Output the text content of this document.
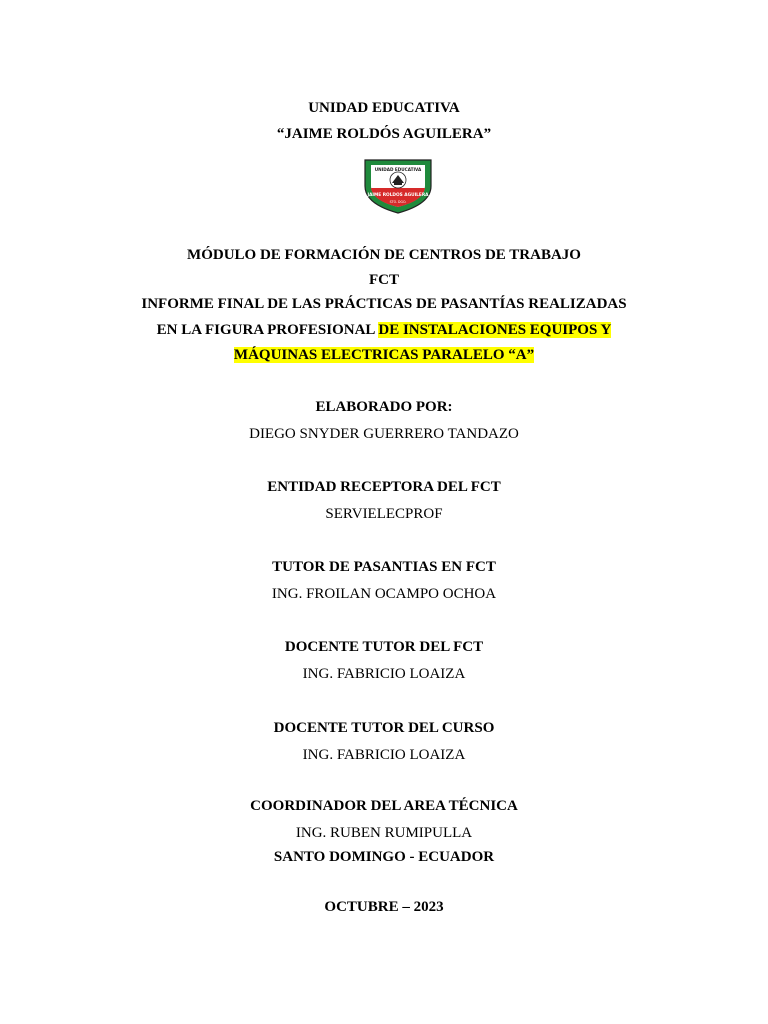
UNIDAD EDUCATIVA
“JAIME ROLDÓS AGUILERA”
UNIDAD EDUCATIVA
JAIME ROLDOS AGUILERA
STO. DGO.
MÓDULO DE FORMACIÓN DE CENTROS DE TRABAJO
FCT
INFORME FINAL DE LAS PRÁCTICAS DE PASANTÍAS REALIZADAS
EN LA FIGURA PROFESIONAL DE INSTALACIONES EQUIPOS Y
MÁQUINAS ELECTRICAS PARALELO “A”
ELABORADO POR:
DIEGO SNYDER GUERRERO TANDAZO
ENTIDAD RECEPTORA DEL FCT
SERVIELECPROF
TUTOR DE PASANTIAS EN FCT
ING. FROILAN OCAMPO OCHOA
DOCENTE TUTOR DEL FCT
ING. FABRICIO LOAIZA
DOCENTE TUTOR DEL CURSO
ING. FABRICIO LOAIZA
COORDINADOR DEL AREA TÉCNICA
ING. RUBEN RUMIPULLA
SANTO DOMINGO - ECUADOR
OCTUBRE – 2023
